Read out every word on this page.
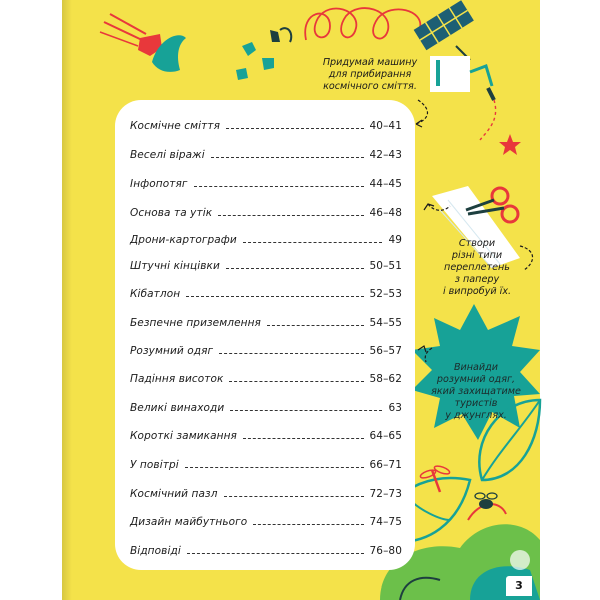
Космічне сміття	40–41
Веселі віражі	42–43
Інфопотяг	44–45
Основа та утік	46–48
Дрони-картографи	49
Штучні кінцівки	50–51
Кібатлон	52–53
Безпечне приземлення	54–55
Розумний одяг	56–57
Падіння висоток	58–62
Великі винаходи	63
Короткі замикання	64–65
У повітрі	66–71
Космічний пазл	72–73
Дизайн майбутнього	74–75
Відповіді	76–80
Придумай машину
для прибирання
космічного сміття.
Створи
різні типи
переплетень
з паперу
і випробуй їх.
Винайди
розумний одяг,
який захищатиме
туристів
у джунглях.
3
